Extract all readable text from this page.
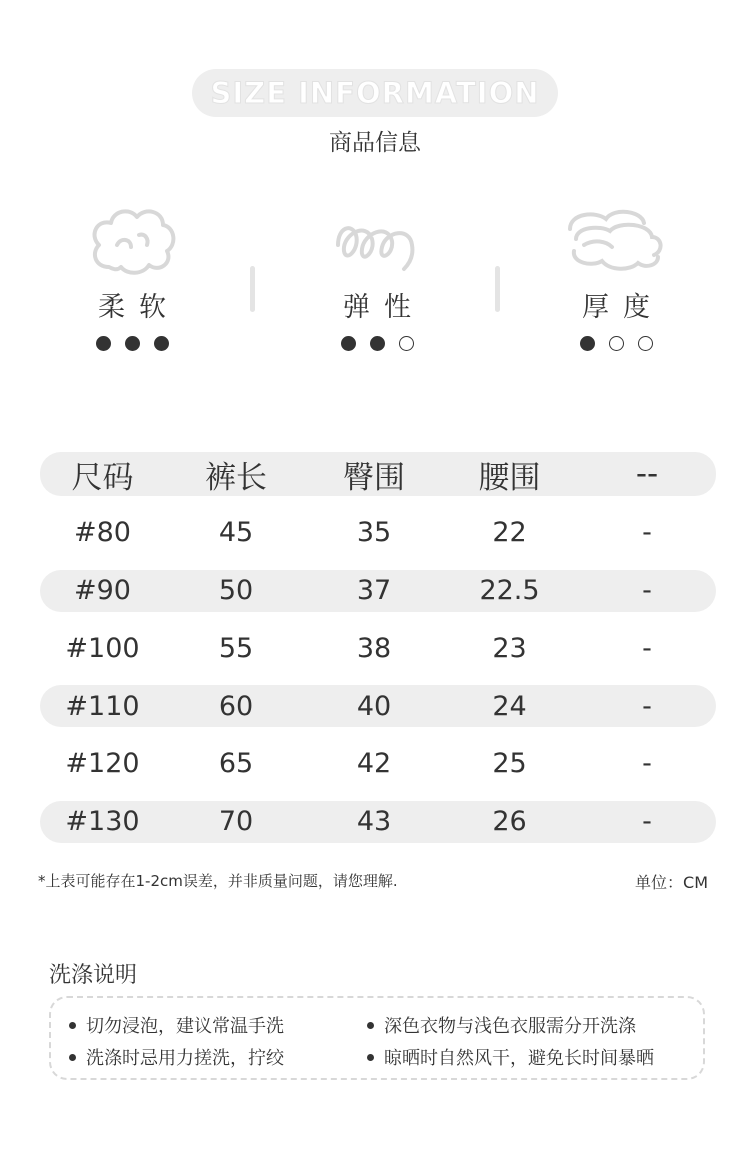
SIZE INFORMATION
商品信息
柔软	弹性	厚度
尺码	裤长	臀围	腰围	--
#80	45	35	22	-
#90	50	37	22.5	-
#100	55	38	23	-
#110	60	40	24	-
#120	65	42	25	-
#130	70	43	26	-
*上表可能存在1-2cm误差，并非质量问题，请您理解.	单位：CM
洗涤说明
切勿浸泡，建议常温手洗	深色衣物与浅色衣服需分开洗涤
洗涤时忌用力搓洗，拧绞	晾晒时自然风干，避免长时间暴晒
